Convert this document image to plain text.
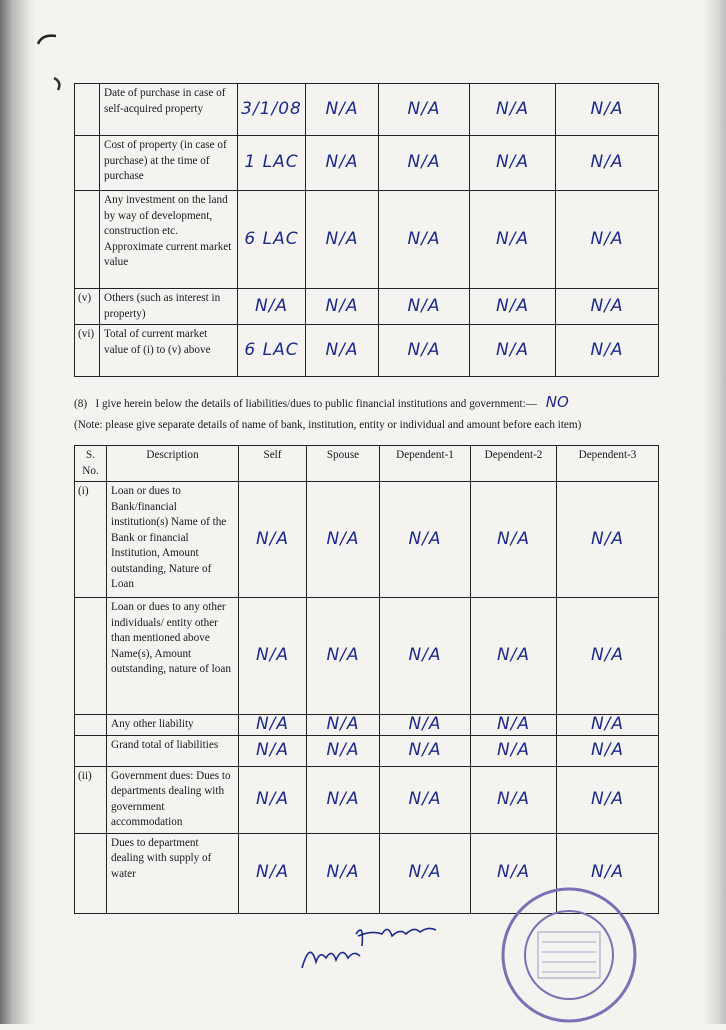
	Date of purchase in case of self-acquired property	3/1/08	N/A	N/A	N/A	N/A
	Cost of property (in case of purchase) at the time of purchase	1 LAC	N/A	N/A	N/A	N/A
	Any investment on the land by way of development, construction etc. Approximate current market value	6 LAC	N/A	N/A	N/A	N/A
(v)	Others (such as interest in property)	N/A	N/A	N/A	N/A	N/A
(vi)	Total of current market value of (i) to (v) above	6 LAC	N/A	N/A	N/A	N/A
(8) I give herein below the details of liabilities/dues to public financial institutions and government:— NO
(Note: please give separate details of name of bank, institution, entity or individual and amount before each item)
S. No.	Description	Self	Spouse	Dependent-1	Dependent-2	Dependent-3
(i)	Loan or dues to Bank/financial institution(s) Name of the Bank or financial Institution, Amount outstanding, Nature of Loan	N/A	N/A	N/A	N/A	N/A
	Loan or dues to any other individuals/ entity other than mentioned above Name(s), Amount outstanding, nature of loan	N/A	N/A	N/A	N/A	N/A
	Any other liability	N/A	N/A	N/A	N/A	N/A
	Grand total of liabilities	N/A	N/A	N/A	N/A	N/A
(ii)	Government dues: Dues to departments dealing with government accommodation	N/A	N/A	N/A	N/A	N/A
	Dues to department dealing with supply of water	N/A	N/A	N/A	N/A	N/A
